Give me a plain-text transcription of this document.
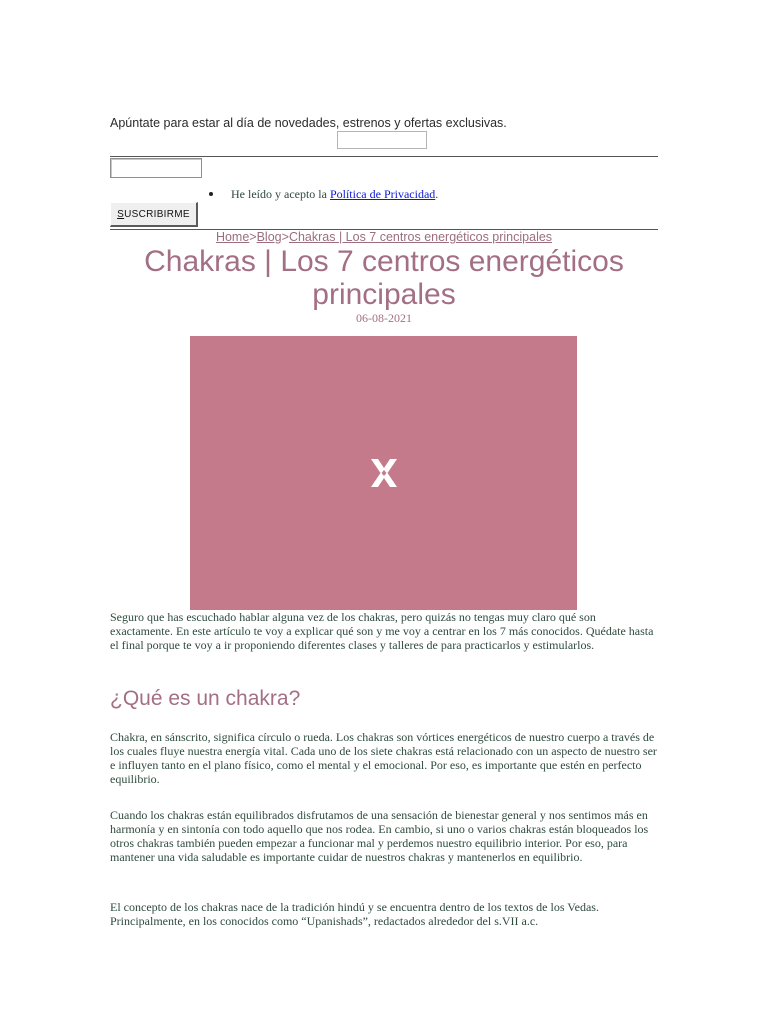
Apúntate para estar al día de novedades, estrenos y ofertas exclusivas.
He leído y acepto la Política de Privacidad.
S USCRIBIRME
Home>Blog>Chakras | Los 7 centros energéticos principales
Chakras | Los 7 centros energéticos principales
06-08-2021

Seguro que has escuchado hablar alguna vez de los chakras, pero quizás no tengas muy claro qué son exactamente. En este artículo te voy a explicar qué son y me voy a centrar en los 7 más conocidos. Quédate hasta el final porque te voy a ir proponiendo diferentes clases y talleres de para practicarlos y estimularlos.

¿Qué es un chakra?

Chakra, en sánscrito, significa círculo o rueda. Los chakras son vórtices energéticos de nuestro cuerpo a través de los cuales fluye nuestra energía vital. Cada uno de los siete chakras está relacionado con un aspecto de nuestro ser e influyen tanto en el plano físico, como el mental y el emocional. Por eso, es importante que estén en perfecto equilibrio.

Cuando los chakras están equilibrados disfrutamos de una sensación de bienestar general y nos sentimos más en harmonía y en sintonía con todo aquello que nos rodea. En cambio, si uno o varios chakras están bloqueados los otros chakras también pueden empezar a funcionar mal y perdemos nuestro equilibrio interior. Por eso, para mantener una vida saludable es importante cuidar de nuestros chakras y mantenerlos en equilibrio.

El concepto de los chakras nace de la tradición hindú y se encuentra dentro de los textos de los Vedas. Principalmente, en los conocidos como “Upanishads”, redactados alrededor del s.VII a.c.
